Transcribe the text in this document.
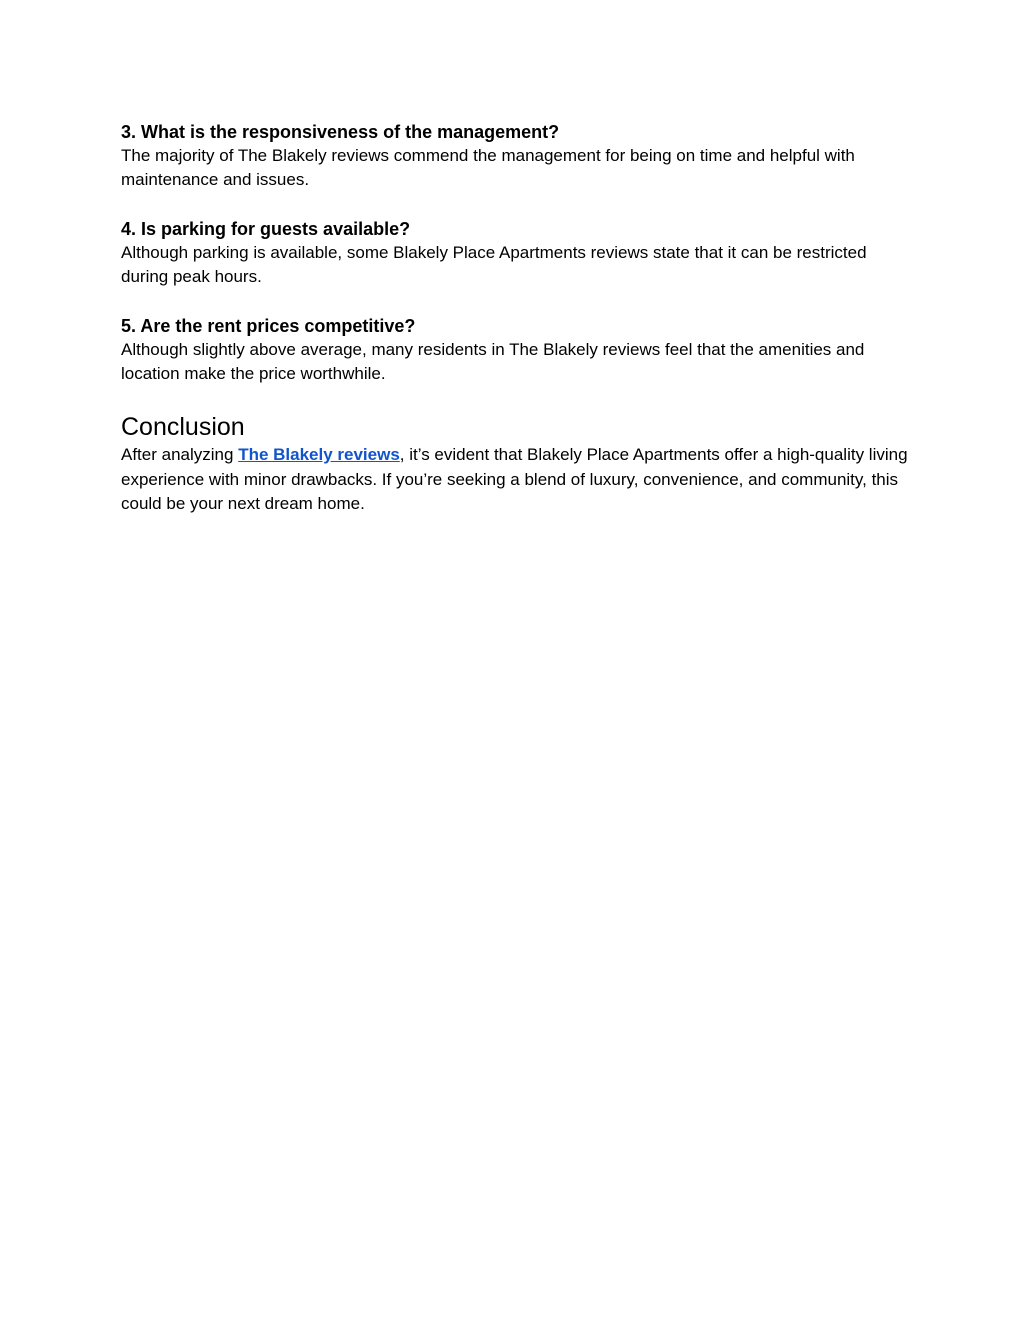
3. What is the responsiveness of the management?

The majority of The Blakely reviews commend the management for being on time and helpful with maintenance and issues.

4. Is parking for guests available?

Although parking is available, some Blakely Place Apartments reviews state that it can be restricted during peak hours.

5. Are the rent prices competitive?

Although slightly above average, many residents in The Blakely reviews feel that the amenities and location make the price worthwhile.

Conclusion

After analyzing The Blakely reviews, it’s evident that Blakely Place Apartments offer a high-quality living experience with minor drawbacks. If you’re seeking a blend of luxury, convenience, and community, this could be your next dream home.
